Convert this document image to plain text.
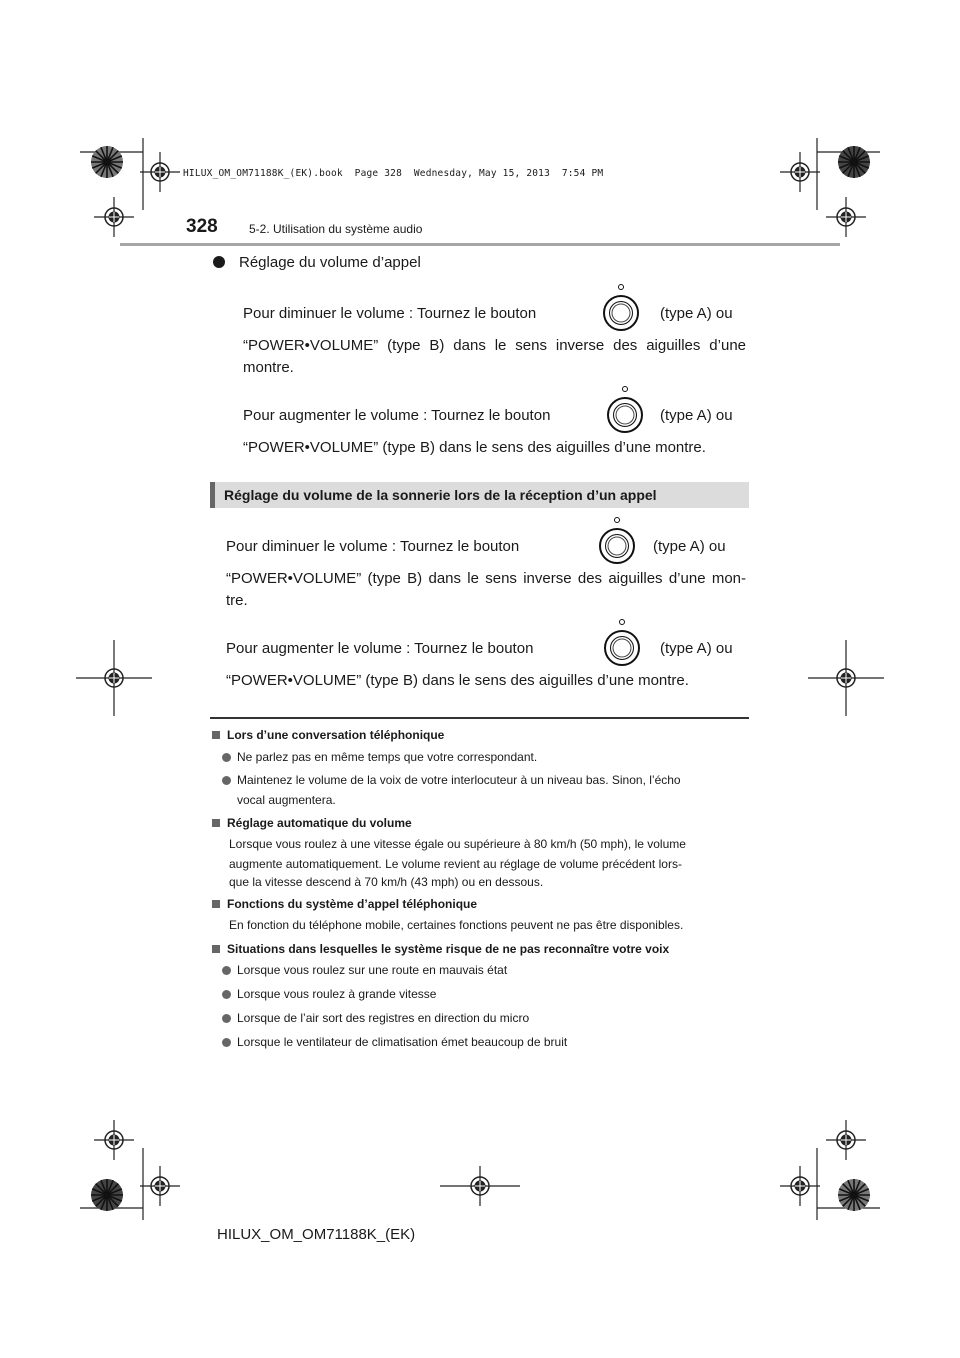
HILUX_OM_OM71188K_(EK).book  Page 328  Wednesday, May 15, 2013  7:54 PM
328	5-2. Utilisation du système audio
Réglage du volume d’appel
Pour diminuer le volume : Tournez le bouton	(type A) ou
“POWER•VOLUME” (type B) dans le sens inverse des aiguilles d’une
montre.
Pour augmenter le volume : Tournez le bouton	(type A) ou
“POWER•VOLUME” (type B) dans le sens des aiguilles d’une montre.
Réglage du volume de la sonnerie lors de la réception d’un appel
Pour diminuer le volume : Tournez le bouton	(type A) ou
“POWER•VOLUME” (type B) dans le sens inverse des aiguilles d’une mon-
tre.
Pour augmenter le volume : Tournez le bouton	(type A) ou
“POWER•VOLUME” (type B) dans le sens des aiguilles d’une montre.
Lors d’une conversation téléphonique
Ne parlez pas en même temps que votre correspondant.
Maintenez le volume de la voix de votre interlocuteur à un niveau bas. Sinon, l’écho
vocal augmentera.
Réglage automatique du volume
Lorsque vous roulez à une vitesse égale ou supérieure à 80 km/h (50 mph), le volume
augmente automatiquement. Le volume revient au réglage de volume précédent lors-
que la vitesse descend à 70 km/h (43 mph) ou en dessous.
Fonctions du système d’appel téléphonique
En fonction du téléphone mobile, certaines fonctions peuvent ne pas être disponibles.
Situations dans lesquelles le système risque de ne pas reconnaître votre voix
Lorsque vous roulez sur une route en mauvais état
Lorsque vous roulez à grande vitesse
Lorsque de l’air sort des registres en direction du micro
Lorsque le ventilateur de climatisation émet beaucoup de bruit
HILUX_OM_OM71188K_(EK)
